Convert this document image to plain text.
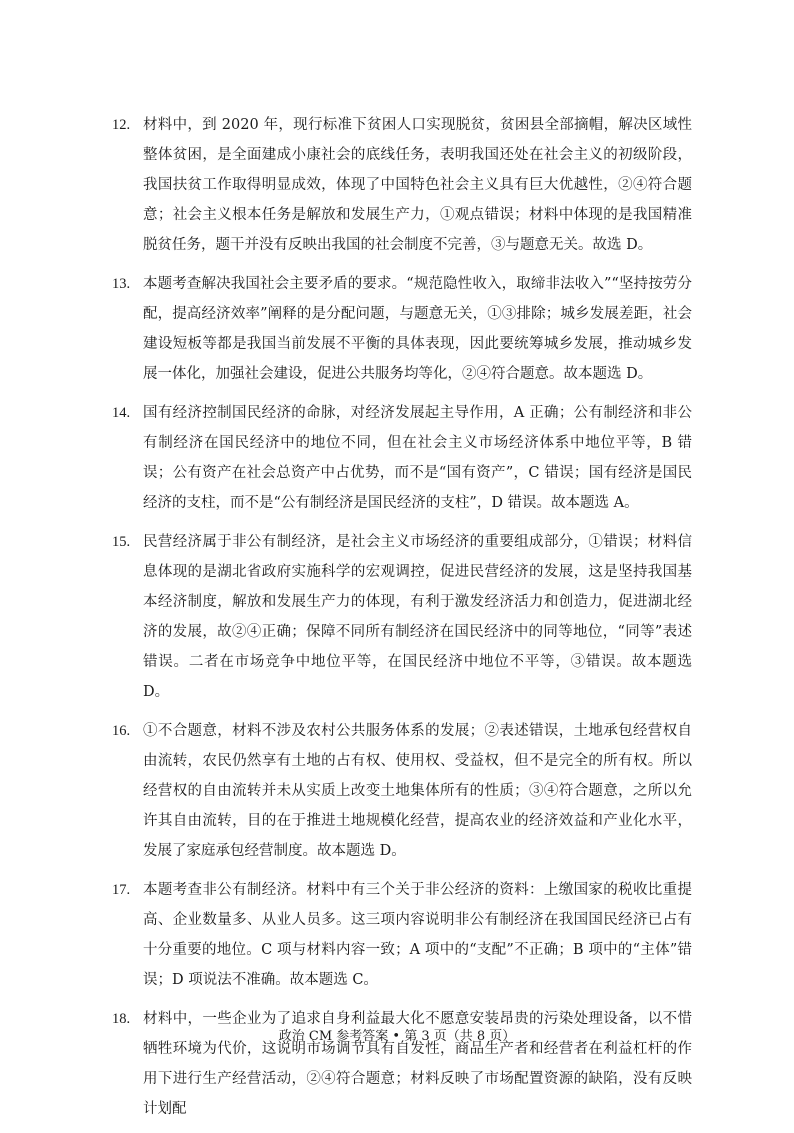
12. 材料中，到 2020 年，现行标准下贫困人口实现脱贫，贫困县全部摘帽，解决区域性整体贫困，是全面建成小康社会的底线任务，表明我国还处在社会主义的初级阶段，我国扶贫工作取得明显成效，体现了中国特色社会主义具有巨大优越性，②④符合题意；社会主义根本任务是解放和发展生产力，①观点错误；材料中体现的是我国精准脱贫任务，题干并没有反映出我国的社会制度不完善，③与题意无关。故选 D。
13. 本题考查解决我国社会主要矛盾的要求。“规范隐性收入，取缔非法收入”“坚持按劳分配，提高经济效率”阐释的是分配问题，与题意无关，①③排除；城乡发展差距，社会建设短板等都是我国当前发展不平衡的具体表现，因此要统筹城乡发展，推动城乡发展一体化，加强社会建设，促进公共服务均等化，②④符合题意。故本题选 D。
14. 国有经济控制国民经济的命脉，对经济发展起主导作用，A 正确；公有制经济和非公有制经济在国民经济中的地位不同，但在社会主义市场经济体系中地位平等，B 错误；公有资产在社会总资产中占优势，而不是“国有资产”，C 错误；国有经济是国民经济的支柱，而不是“公有制经济是国民经济的支柱”，D 错误。故本题选 A。
15. 民营经济属于非公有制经济，是社会主义市场经济的重要组成部分，①错误；材料信息体现的是湖北省政府实施科学的宏观调控，促进民营经济的发展，这是坚持我国基本经济制度，解放和发展生产力的体现，有利于激发经济活力和创造力，促进湖北经济的发展，故②④正确；保障不同所有制经济在国民经济中的同等地位，“同等”表述错误。二者在市场竞争中地位平等，在国民经济中地位不平等，③错误。故本题选 D。
16. ①不合题意，材料不涉及农村公共服务体系的发展；②表述错误，土地承包经营权自由流转，农民仍然享有土地的占有权、使用权、受益权，但不是完全的所有权。所以经营权的自由流转并未从实质上改变土地集体所有的性质；③④符合题意，之所以允许其自由流转，目的在于推进土地规模化经营，提高农业的经济效益和产业化水平，发展了家庭承包经营制度。故本题选 D。
17. 本题考查非公有制经济。材料中有三个关于非公经济的资料：上缴国家的税收比重提高、企业数量多、从业人员多。这三项内容说明非公有制经济在我国国民经济已占有十分重要的地位。C 项与材料内容一致；A 项中的“支配”不正确；B 项中的“主体”错误；D 项说法不准确。故本题选 C。
18. 材料中，一些企业为了追求自身利益最大化不愿意安装昂贵的污染处理设备，以不惜牺牲环境为代价，这说明市场调节具有自发性，商品生产者和经营者在利益杠杆的作用下进行生产经营活动，②④符合题意；材料反映了市场配置资源的缺陷，没有反映计划配
政治 CM 参考答案 • 第 3 页（共 8 页）
